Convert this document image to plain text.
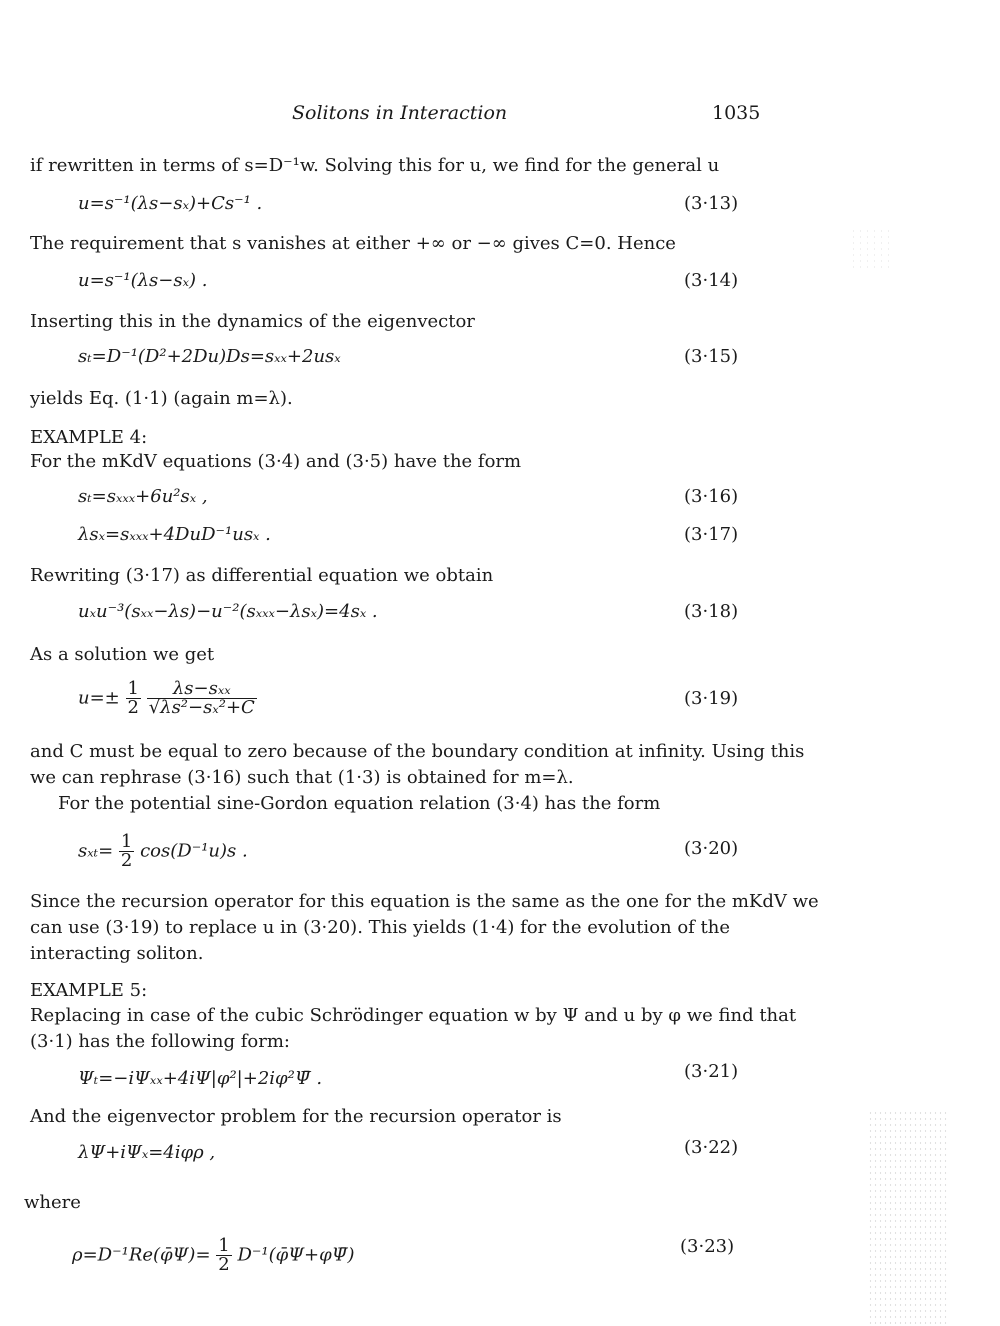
Solitons in Interaction	1035
if rewritten in terms of s=D⁻¹w. Solving this for u, we find for the general u
u=s⁻¹(λs−sₓ)+Cs⁻¹ .	(3·13)
The requirement that s vanishes at either +∞ or −∞ gives C=0. Hence
u=s⁻¹(λs−sₓ) .	(3·14)
Inserting this in the dynamics of the eigenvector
sₜ=D⁻¹(D²+2Du)Ds=sₓₓ+2usₓ	(3·15)
yields Eq. (1·1) (again m=λ).
EXAMPLE 4:
For the mKdV equations (3·4) and (3·5) have the form
sₜ=sₓₓₓ+6u²sₓ ,	(3·16)
λsₓ=sₓₓₓ+4DuD⁻¹usₓ .	(3·17)
Rewriting (3·17) as differential equation we obtain
uₓu⁻³(sₓₓ−λs)−u⁻²(sₓₓₓ−λsₓ)=4sₓ .	(3·18)
As a solution we get
$u=\pm \frac{1}{2}$
$\frac{\text{λs−sₓₓ}}{\text{√λs²−sₓ²+C}}$	(3·19)
and C must be equal to zero because of the boundary condition at infinity. Using this
we can rephrase (3·16) such that (1·3) is obtained for m=λ.
For the potential sine-Gordon equation relation (3·4) has the form
$s_{xt}= \frac{1}{2} \cos(D^{-1}u)s$ .	(3·20)
Since the recursion operator for this equation is the same as the one for the mKdV we
can use (3·19) to replace u in (3·20). This yields (1·4) for the evolution of the
interacting soliton.
EXAMPLE 5:
Replacing in case of the cubic Schrödinger equation w by Ψ and u by φ we find that
(3·1) has the following form:
Ψₜ=−iΨₓₓ+4iΨ|φ²|+2iφ²Ψ̄ .	(3·21)
And the eigenvector problem for the recursion operator is
λΨ+iΨₓ=4iφρ ,	(3·22)
where
ρ=D⁻¹Re(φ̄Ψ)= $\frac{1}{2}$ D⁻¹(φ̄Ψ+φΨ̄)	(3·23)
